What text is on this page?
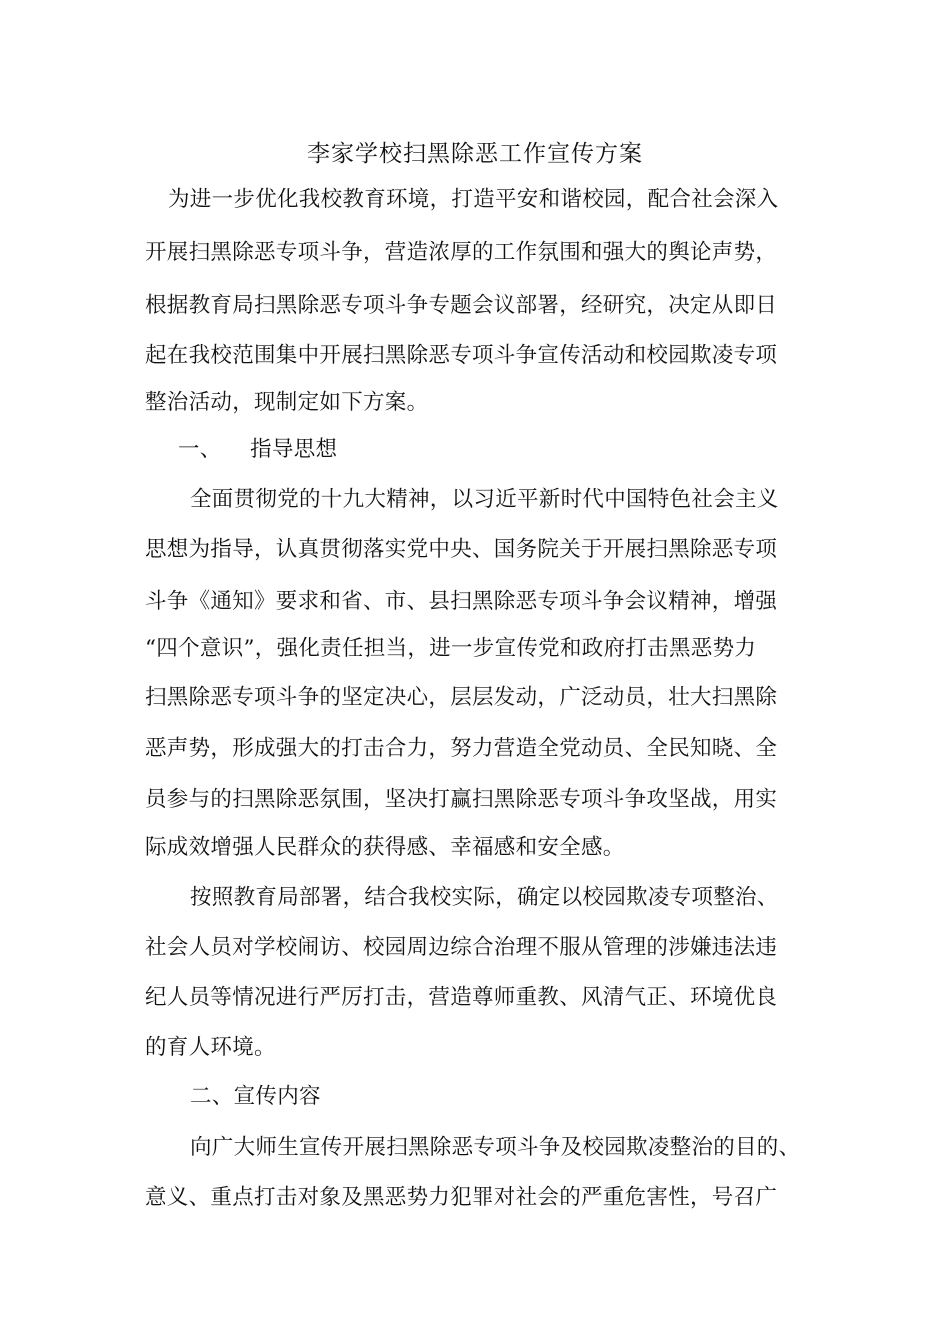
李家学校扫黑除恶工作宣传方案
为进一步优化我校教育环境，打造平安和谐校园，配合社会深入
开展扫黑除恶专项斗争，营造浓厚的工作氛围和强大的舆论声势，
根据教育局扫黑除恶专项斗争专题会议部署，经研究，决定从即日
起在我校范围集中开展扫黑除恶专项斗争宣传活动和校园欺凌专项
整治活动，现制定如下方案。
一、    指导思想
全面贯彻党的十九大精神，以习近平新时代中国特色社会主义
思想为指导，认真贯彻落实党中央、国务院关于开展扫黑除恶专项
斗争《通知》要求和省、市、县扫黑除恶专项斗争会议精神，增强
“四个意识”，强化责任担当，进一步宣传党和政府打击黑恶势力
扫黑除恶专项斗争的坚定决心，层层发动，广泛动员，壮大扫黑除
恶声势，形成强大的打击合力，努力营造全党动员、全民知晓、全
员参与的扫黑除恶氛围，坚决打赢扫黑除恶专项斗争攻坚战，用实
际成效增强人民群众的获得感、幸福感和安全感。
按照教育局部署，结合我校实际，确定以校园欺凌专项整治、
社会人员对学校闹访、校园周边综合治理不服从管理的涉嫌违法违
纪人员等情况进行严厉打击，营造尊师重教、风清气正、环境优良
的育人环境。
二、宣传内容
向广大师生宣传开展扫黑除恶专项斗争及校园欺凌整治的目的、
意义、重点打击对象及黑恶势力犯罪对社会的严重危害性，号召广
